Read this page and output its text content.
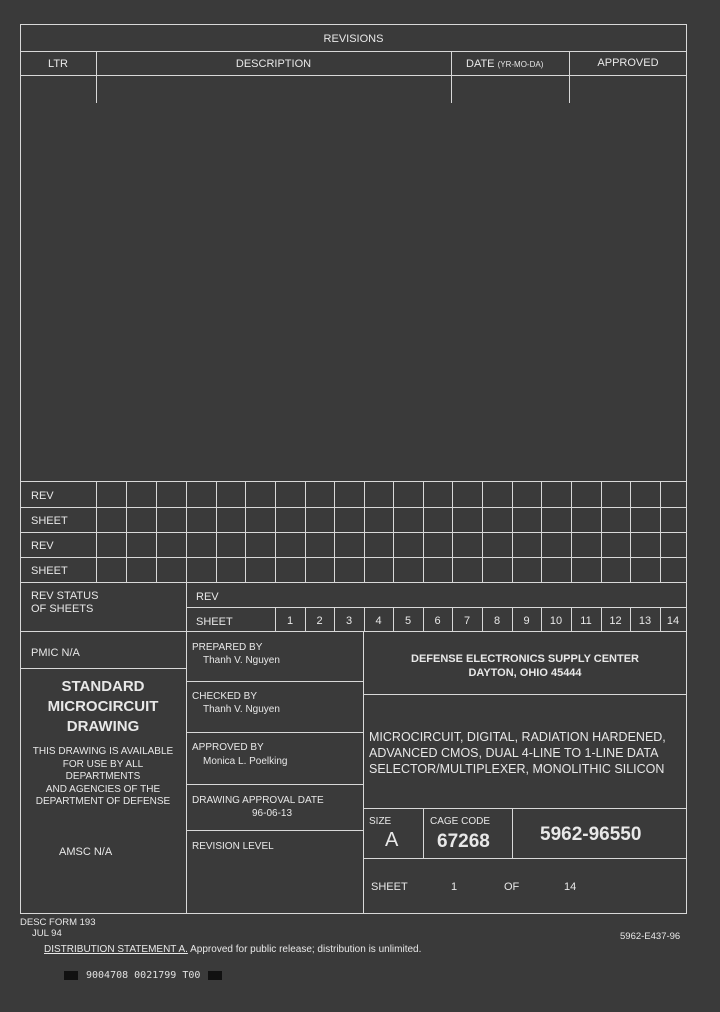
REVISIONS
LTR	DESCRIPTION	DATE (YR-MO-DA)	APPROVED
REV
SHEET
REV
SHEET
REV STATUS
OF SHEETS
REV
SHEET	1	2	3	4	5	6	7	8	9	10	11	12	13	14
PMIC N/A
STANDARD
MICROCIRCUIT
DRAWING
THIS DRAWING IS AVAILABLE
FOR USE BY ALL
DEPARTMENTS
AND AGENCIES OF THE
DEPARTMENT OF DEFENSE
AMSC N/A
PREPARED BY
Thanh V. Nguyen
CHECKED BY
Thanh V. Nguyen
APPROVED BY
Monica L. Poelking
DRAWING APPROVAL DATE
96-06-13
REVISION LEVEL
DEFENSE ELECTRONICS SUPPLY CENTER
DAYTON, OHIO 45444
MICROCIRCUIT, DIGITAL, RADIATION HARDENED,
ADVANCED CMOS, DUAL 4-LINE TO 1-LINE DATA
SELECTOR/MULTIPLEXER, MONOLITHIC SILICON
SIZE
A
CAGE CODE
67268	5962-96550
SHEET	1	OF	14
DESC FORM 193
JUL 94	5962-E437-96
DISTRIBUTION STATEMENT A. Approved for public release; distribution is unlimited.
9004708 0021799 T00
